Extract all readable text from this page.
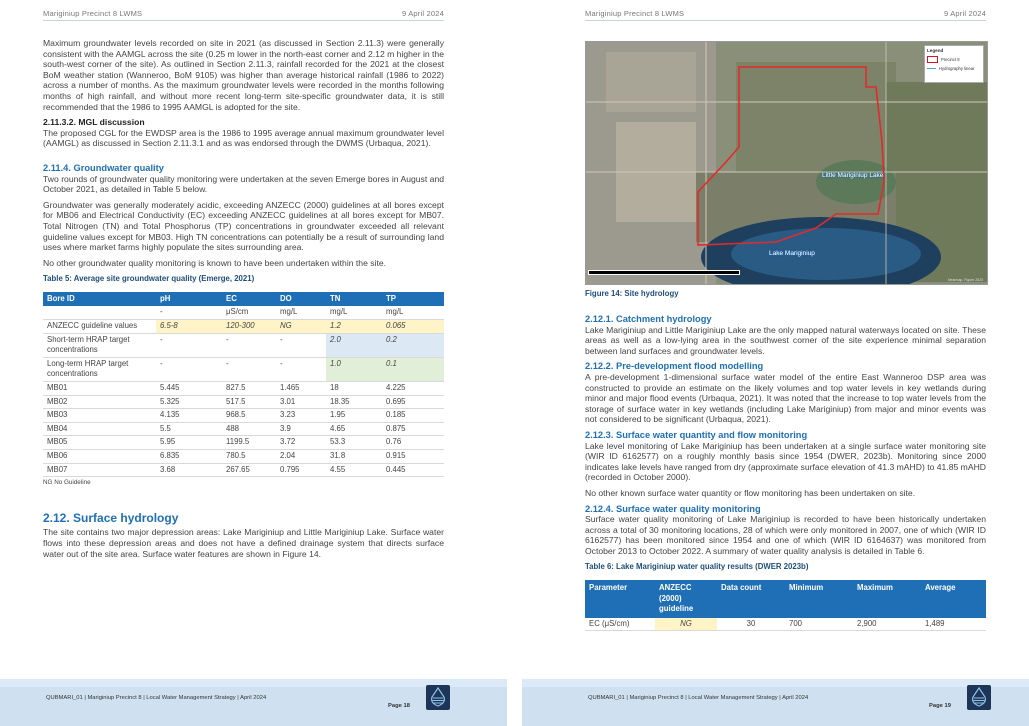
Mariginiup Precinct 8 LWMS	9 April 2024

Maximum groundwater levels recorded on site in 2021 (as discussed in Section 2.11.3) were generally consistent with the AAMGL across the site (0.25 m lower in the north-east corner and 2.12 m higher in the south-west corner of the site). As outlined in Section 2.11.3, rainfall recorded for the 2021 at the closest BoM weather station (Wanneroo, BoM 9105) was higher than average historical rainfall (1986 to 2022) across a number of months. As the maximum groundwater levels were recorded in the months following months of high rainfall, and without more recent long-term site-specific groundwater data, it is still recommended that the 1986 to 1995 AAMGL is adopted for the site.

2.11.3.2. MGL discussion

The proposed CGL for the EWDSP area is the 1986 to 1995 average annual maximum groundwater level (AAMGL) as discussed in Section 2.11.3.1 and as was endorsed through the DWMS (Urbaqua, 2021).

2.11.4. Groundwater quality

Two rounds of groundwater quality monitoring were undertaken at the seven Emerge bores in August and October 2021, as detailed in Table 5 below.

Groundwater was generally moderately acidic, exceeding ANZECC (2000) guidelines at all bores except for MB06 and Electrical Conductivity (EC) exceeding ANZECC guidelines at all bores except for MB07. Total Nitrogen (TN) and Total Phosphorus (TP) concentrations in groundwater exceeded all relevant guideline values except for MB03. High TN concentrations can potentially be a result of surrounding land uses where market farms highly populate the sites surrounding area.

No other groundwater quality monitoring is known to have been undertaken within the site.

Table 5: Average site groundwater quality (Emerge, 2021)
Bore ID	pH	EC	DO	TN	TP
	-	μS/cm	mg/L	mg/L	mg/L
ANZECC guideline values	6.5-8	120-300	NG	1.2	0.065
Short-term HRAP target concentrations	-	-	-	2.0	0.2
Long-term HRAP target concentrations	-	-	-	1.0	0.1
MB01	5.445	827.5	1.465	18	4.225
MB02	5.325	517.5	3.01	18.35	0.695
MB03	4.135	968.5	3.23	1.95	0.185
MB04	5.5	488	3.9	4.65	0.875
MB05	5.95	1199.5	3.72	53.3	0.76
MB06	6.835	780.5	2.04	31.8	0.915
MB07	3.68	267.65	0.795	4.55	0.445
NG No Guideline
2.12. Surface hydrology

The site contains two major depression areas: Lake Mariginiup and Little Mariginiup Lake. Surface water flows into these depression areas and does not have a defined drainage system that directs surface water out of the site area. Surface water features are shown in Figure 14.

QUBMARI_01 | Mariginiup Precinct 8 | Local Water Management Strategy | April 2024
Page 18
Mariginiup Precinct 8 LWMS	9 April 2024
Legend
Precinct 8
Hydrography linear
Little Mariginiup Lake
Lake Mariginiup
Nearmap, Figure 2023
Figure 14: Site hydrology
2.12.1. Catchment hydrology

Lake Mariginiup and Little Mariginiup Lake are the only mapped natural waterways located on site. These areas as well as a low-lying area in the southwest corner of the site experience minimal separation between land surfaces and groundwater levels.

2.12.2. Pre-development flood modelling

A pre-development 1-dimensional surface water model of the entire East Wanneroo DSP area was constructed to provide an estimate on the likely volumes and top water levels in key wetlands during minor and major flood events (Urbaqua, 2021). It was noted that the increase to top water levels from the storage of surface water in key wetlands (including Lake Mariginiup) from major and minor events was not considered to be significant (Urbaqua, 2021).

2.12.3. Surface water quantity and flow monitoring

Lake level monitoring of Lake Mariginiup has been undertaken at a single surface water monitoring site (WIR ID 6162577) on a roughly monthly basis since 1954 (DWER, 2023b). Monitoring since 2000 indicates lake levels have ranged from dry (approximate surface elevation of 41.3 mAHD) to 41.85 mAHD (recorded in October 2000).

No other known surface water quantity or flow monitoring has been undertaken on site.

2.12.4. Surface water quality monitoring

Surface water quality monitoring of Lake Mariginiup is recorded to have been historically undertaken across a total of 30 monitoring locations, 28 of which were only monitored in 2007, one of which (WIR ID 6162577) has been monitored since 1954 and one of which (WIR ID 6164637) was monitored from October 2013 to October 2022. A summary of water quality analysis is detailed in Table 6.

Table 6: Lake Mariginiup water quality results (DWER 2023b)
Parameter	ANZECC (2000) guideline	Data count	Minimum	Maximum	Average
EC (μS/cm)	NG	30	700	2,900	1,489
QUBMARI_01 | Mariginiup Precinct 8 | Local Water Management Strategy | April 2024
Page 19
